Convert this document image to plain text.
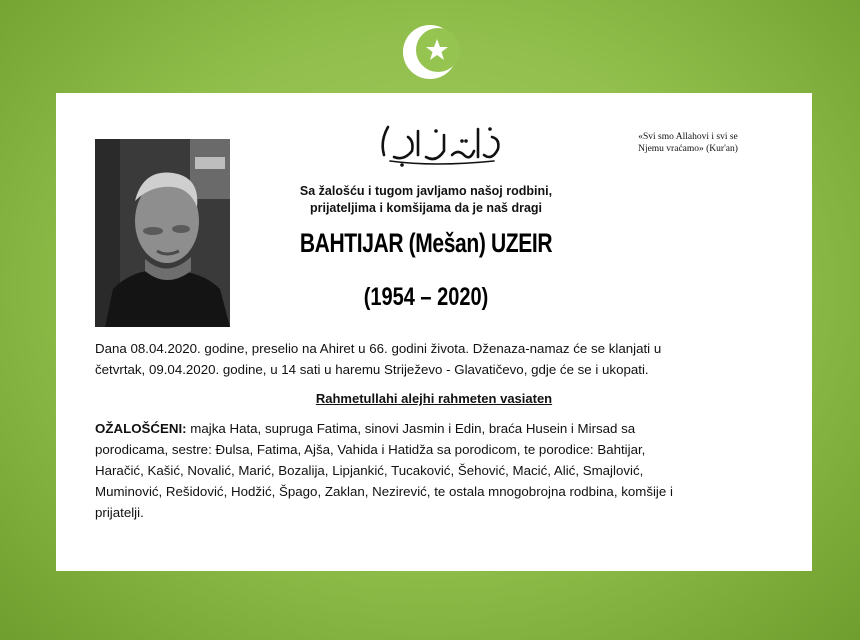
«Svi smo Allahovi i svi se
Njemu vraćamo» (Kur'an)
Sa žalošću i tugom javljamo našoj rodbini,
prijateljima i komšijama da je naš dragi
BAHTIJAR (Mešan) UZEIR
(1954 – 2020)
Dana 08.04.2020. godine, preselio na Ahiret u 66. godini života. Dženaza-namaz će se klanjati u
četvrtak, 09.04.2020. godine, u 14 sati u haremu Striježevo - Glavatičevo, gdje će se i ukopati.
Rahmetullahi alejhi rahmeten vasiaten
OŽALOŠĆENI: majka Hata, supruga Fatima, sinovi Jasmin i Edin, braća Husein i Mirsad sa
porodicama, sestre: Đulsa, Fatima, Ajša, Vahida i Hatidža sa porodicom, te porodice: Bahtijar,
Haračić, Kašić, Novalić, Marić, Bozalija, Lipjankić, Tucaković, Šehović, Macić, Alić, Smajlović,
Muminović, Rešidović, Hodžić, Špago, Zaklan, Nezirević, te ostala mnogobrojna rodbina, komšije i
prijatelji.
